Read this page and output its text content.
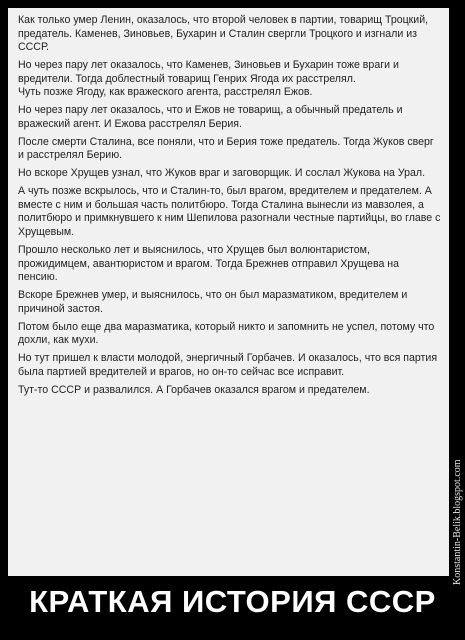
Как только умер Ленин, оказалось, что второй человек в партии, товарищ Троцкий, предатель. Каменев, Зиновьев, Бухарин и Сталин свергли Троцкого и изгнали из СССР.

Но через пару лет оказалось, что Каменев, Зиновьев и Бухарин тоже враги и вредители. Тогда доблестный товарищ Генрих Ягода их расстрелял.
Чуть позже Ягоду, как вражеского агента, расстрелял Ежов.

Но через пару лет оказалось, что и Ежов не товарищ, а обычный предатель и вражеский агент. И Ежова расстрелял Берия.

После смерти Сталина, все поняли, что и Берия тоже предатель. Тогда Жуков сверг и расстрелял Берию.

Но вскоре Хрущев узнал, что Жуков враг и заговорщик. И сослал Жукова на Урал.

А чуть позже вскрылось, что и Сталин-то, был врагом, вредителем и предателем. А вместе с ним и большая часть политбюро. Тогда Сталина вынесли из мавзолея, а политбюро и примкнувшего к ним Шепилова разогнали честные партийцы, во главе с Хрущевым.

Прошло несколько лет и выяснилось, что Хрущев был волюнтаристом, прожидимцем, авантюристом и врагом. Тогда Брежнев отправил Хрущева на пенсию.

Вскоре Брежнев умер, и выяснилось, что он был маразматиком, вредителем и причиной застоя.

Потом было еще два маразматика, который никто и запомнить не успел, потому что дохли, как мухи.

Но тут пришел к власти молодой, энергичный Горбачев. И оказалось, что вся партия была партией вредителей и врагов, но он-то сейчас все исправит.

Тут-то СССР и развалился. А Горбачев оказался врагом и предателем.

Konstantin-Belik.blogspot.com
КРАТКАЯ ИСТОРИЯ СССР
